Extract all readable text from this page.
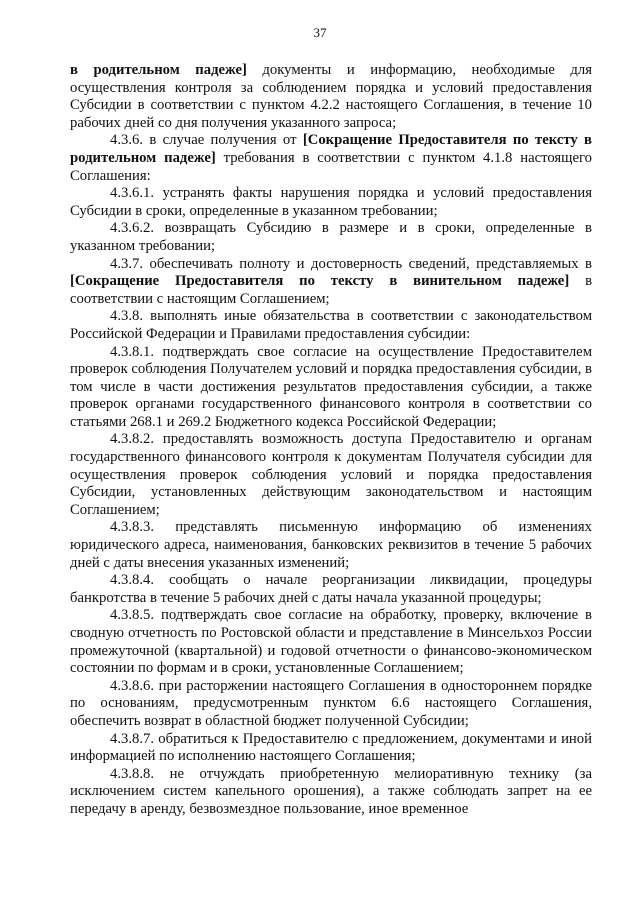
37

в родительном падеже] документы и информацию, необходимые для осуществления контроля за соблюдением порядка и условий предоставления Субсидии в соответствии с пунктом 4.2.2 настоящего Соглашения, в течение 10 рабочих дней со дня получения указанного запроса;

4.3.6. в случае получения от [Сокращение Предоставителя по тексту в родительном падеже] требования в соответствии с пунктом 4.1.8 настоящего Соглашения:

4.3.6.1. устранять факты нарушения порядка и условий предоставления Субсидии в сроки, определенные в указанном требовании;

4.3.6.2. возвращать Субсидию в размере и в сроки, определенные в указанном требовании;

4.3.7. обеспечивать полноту и достоверность сведений, представляемых в [Сокращение Предоставителя по тексту в винительном падеже] в соответствии с настоящим Соглашением;

4.3.8. выполнять иные обязательства в соответствии с законодательством Российской Федерации и Правилами предоставления субсидии:

4.3.8.1. подтверждать свое согласие на осуществление Предоставителем проверок соблюдения Получателем условий и порядка предоставления субсидии, в том числе в части достижения результатов предоставления субсидии, а также проверок органами государственного финансового контроля в соответствии со статьями 268.1 и 269.2 Бюджетного кодекса Российской Федерации;

4.3.8.2. предоставлять возможность доступа Предоставителю и органам государственного финансового контроля к документам Получателя субсидии для осуществления проверок соблюдения условий и порядка предоставления Субсидии, установленных действующим законодательством и настоящим Соглашением;

4.3.8.3. представлять письменную информацию об изменениях юридического адреса, наименования, банковских реквизитов в течение 5 рабочих дней с даты внесения указанных изменений;

4.3.8.4. сообщать о начале реорганизации ликвидации, процедуры банкротства в течение 5 рабочих дней с даты начала указанной процедуры;

4.3.8.5. подтверждать свое согласие на обработку, проверку, включение в сводную отчетность по Ростовской области и представление в Минсельхоз России промежуточной (квартальной) и годовой отчетности о финансово-экономическом состоянии по формам и в сроки, установленные Соглашением;

4.3.8.6. при расторжении настоящего Соглашения в одностороннем порядке по основаниям, предусмотренным пунктом 6.6 настоящего Соглашения, обеспечить возврат в областной бюджет полученной Субсидии;

4.3.8.7. обратиться к Предоставителю с предложением, документами и иной информацией по исполнению настоящего Соглашения;

4.3.8.8. не отчуждать приобретенную мелиоративную технику (за исключением систем капельного орошения), а также соблюдать запрет на ее передачу в аренду, безвозмездное пользование, иное временное
